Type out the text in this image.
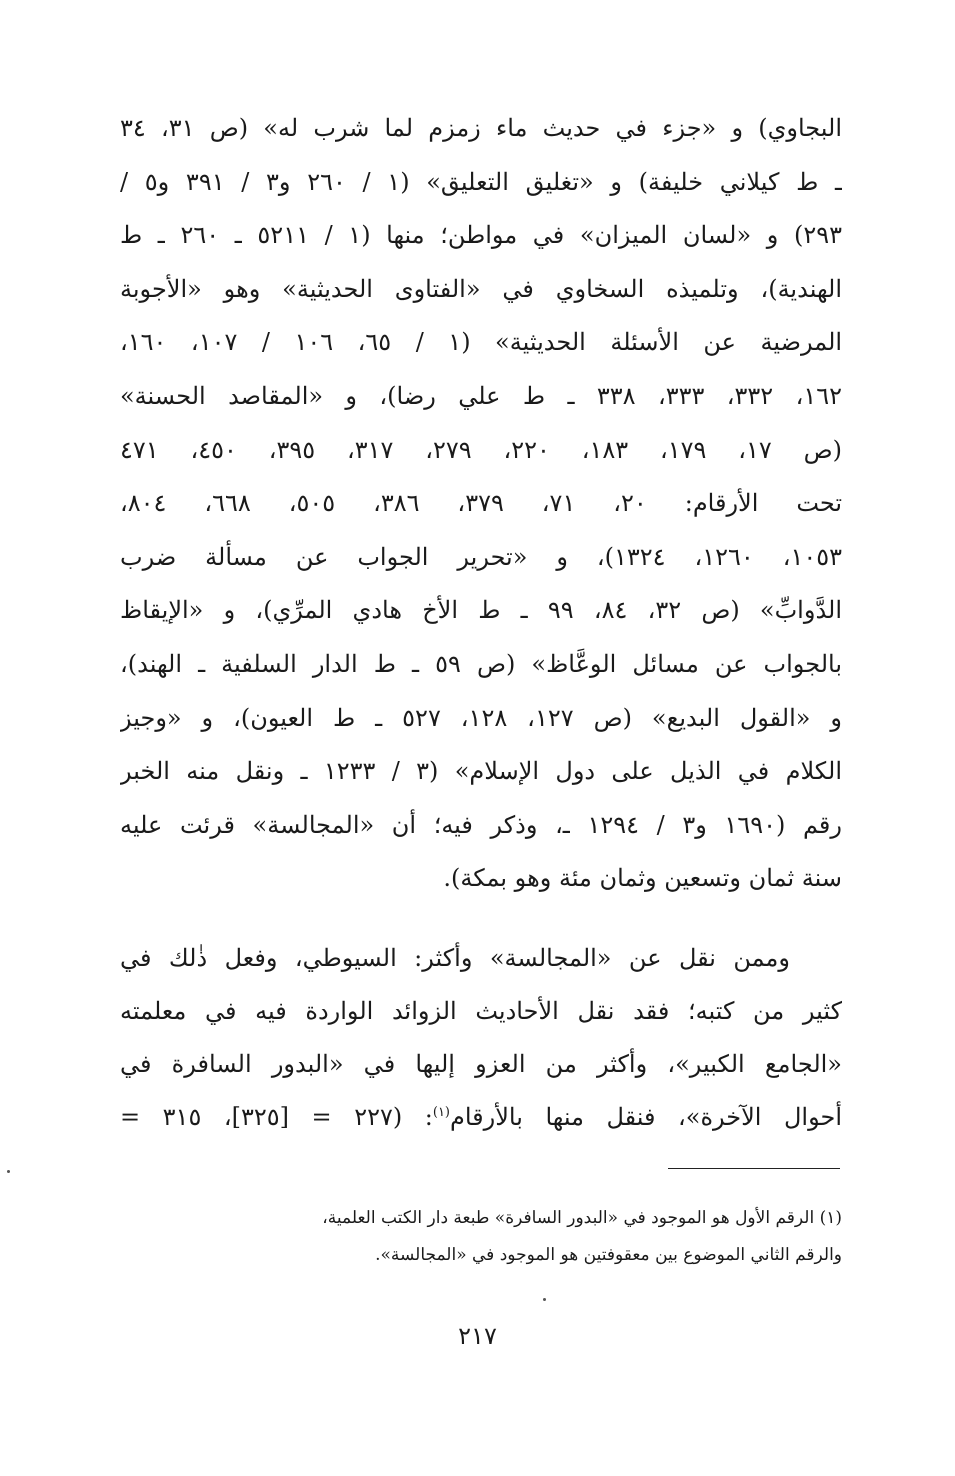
البجاوي) و «جزء في حديث ماء زمزم لما شرب له» (ص ٣١، ٣٤
ـ ط كيلاني خليفة) و «تغليق التعليق» (١ / ٢٦٠ و٣ / ٣٩١ و٥ /
٢٩٣) و «لسان الميزان» في مواطن؛ منها (١ / ٥٢١١ ـ ٢٦٠ ـ ط
الهندية)، وتلميذه السخاوي في «الفتاوى الحديثية» وهو «الأجوبة
المرضية عن الأسئلة الحديثية» (١ / ٦٥، ١٠٦ / ١٠٧، ١٦٠،
١٦٢، ٣٣٢، ٣٣٣، ٣٣٨ ـ ط علي رضا)، و «المقاصد الحسنة»
(ص ١٧، ١٧٩، ١٨٣، ٢٢٠، ٢٧٩، ٣١٧، ٣٩٥، ٤٥٠، ٤٧١
تحت الأرقام: ٢٠، ٧١، ٣٧٩، ٣٨٦، ٥٠٥، ٦٦٨، ٨٠٤،
١٠٥٣، ١٢٦٠، ١٣٢٤)، و «تحرير الجواب عن مسألة ضرب
الدَّوابِّ» (ص ٣٢، ٨٤، ٩٩ ـ ط الأخ هادي المرِّي)، و «الإيقاظ
بالجواب عن مسائل الوعَّاظ» (ص ٥٩ ـ ط الدار السلفية ـ الهند)،
و «القول البديع» (ص ١٢٧، ١٢٨، ٥٢٧ ـ ط العيون)، و «وجيز
الكلام في الذيل على دول الإسلام» (٣ / ١٢٣٣ ـ ونقل منه الخبر
رقم (١٦٩٠ و٣ / ١٢٩٤ ـ، وذكر فيه؛ أن «المجالسة» قرئت عليه
سنة ثمان وتسعين وثمان مئة وهو بمكة).
وممن نقل عن «المجالسة» وأكثر: السيوطي، وفعل ذٰلك في
كثير من كتبه؛ فقد نقل الأحاديث الزوائد الواردة فيه في معلمته
«الجامع الكبير»، وأكثر من العزو إليها في «البدور السافرة في
أحوال الآخرة»، فنقل منها بالأرقام$^{(١)}$: (٢٢٧ = [٣٢٥]، ٣١٥ =
(١) الرقم الأول هو الموجود في «البدور السافرة» طبعة دار الكتب العلمية،
والرقم الثاني الموضوع بين معقوفتين هو الموجود في «المجالسة».
٢١٧
